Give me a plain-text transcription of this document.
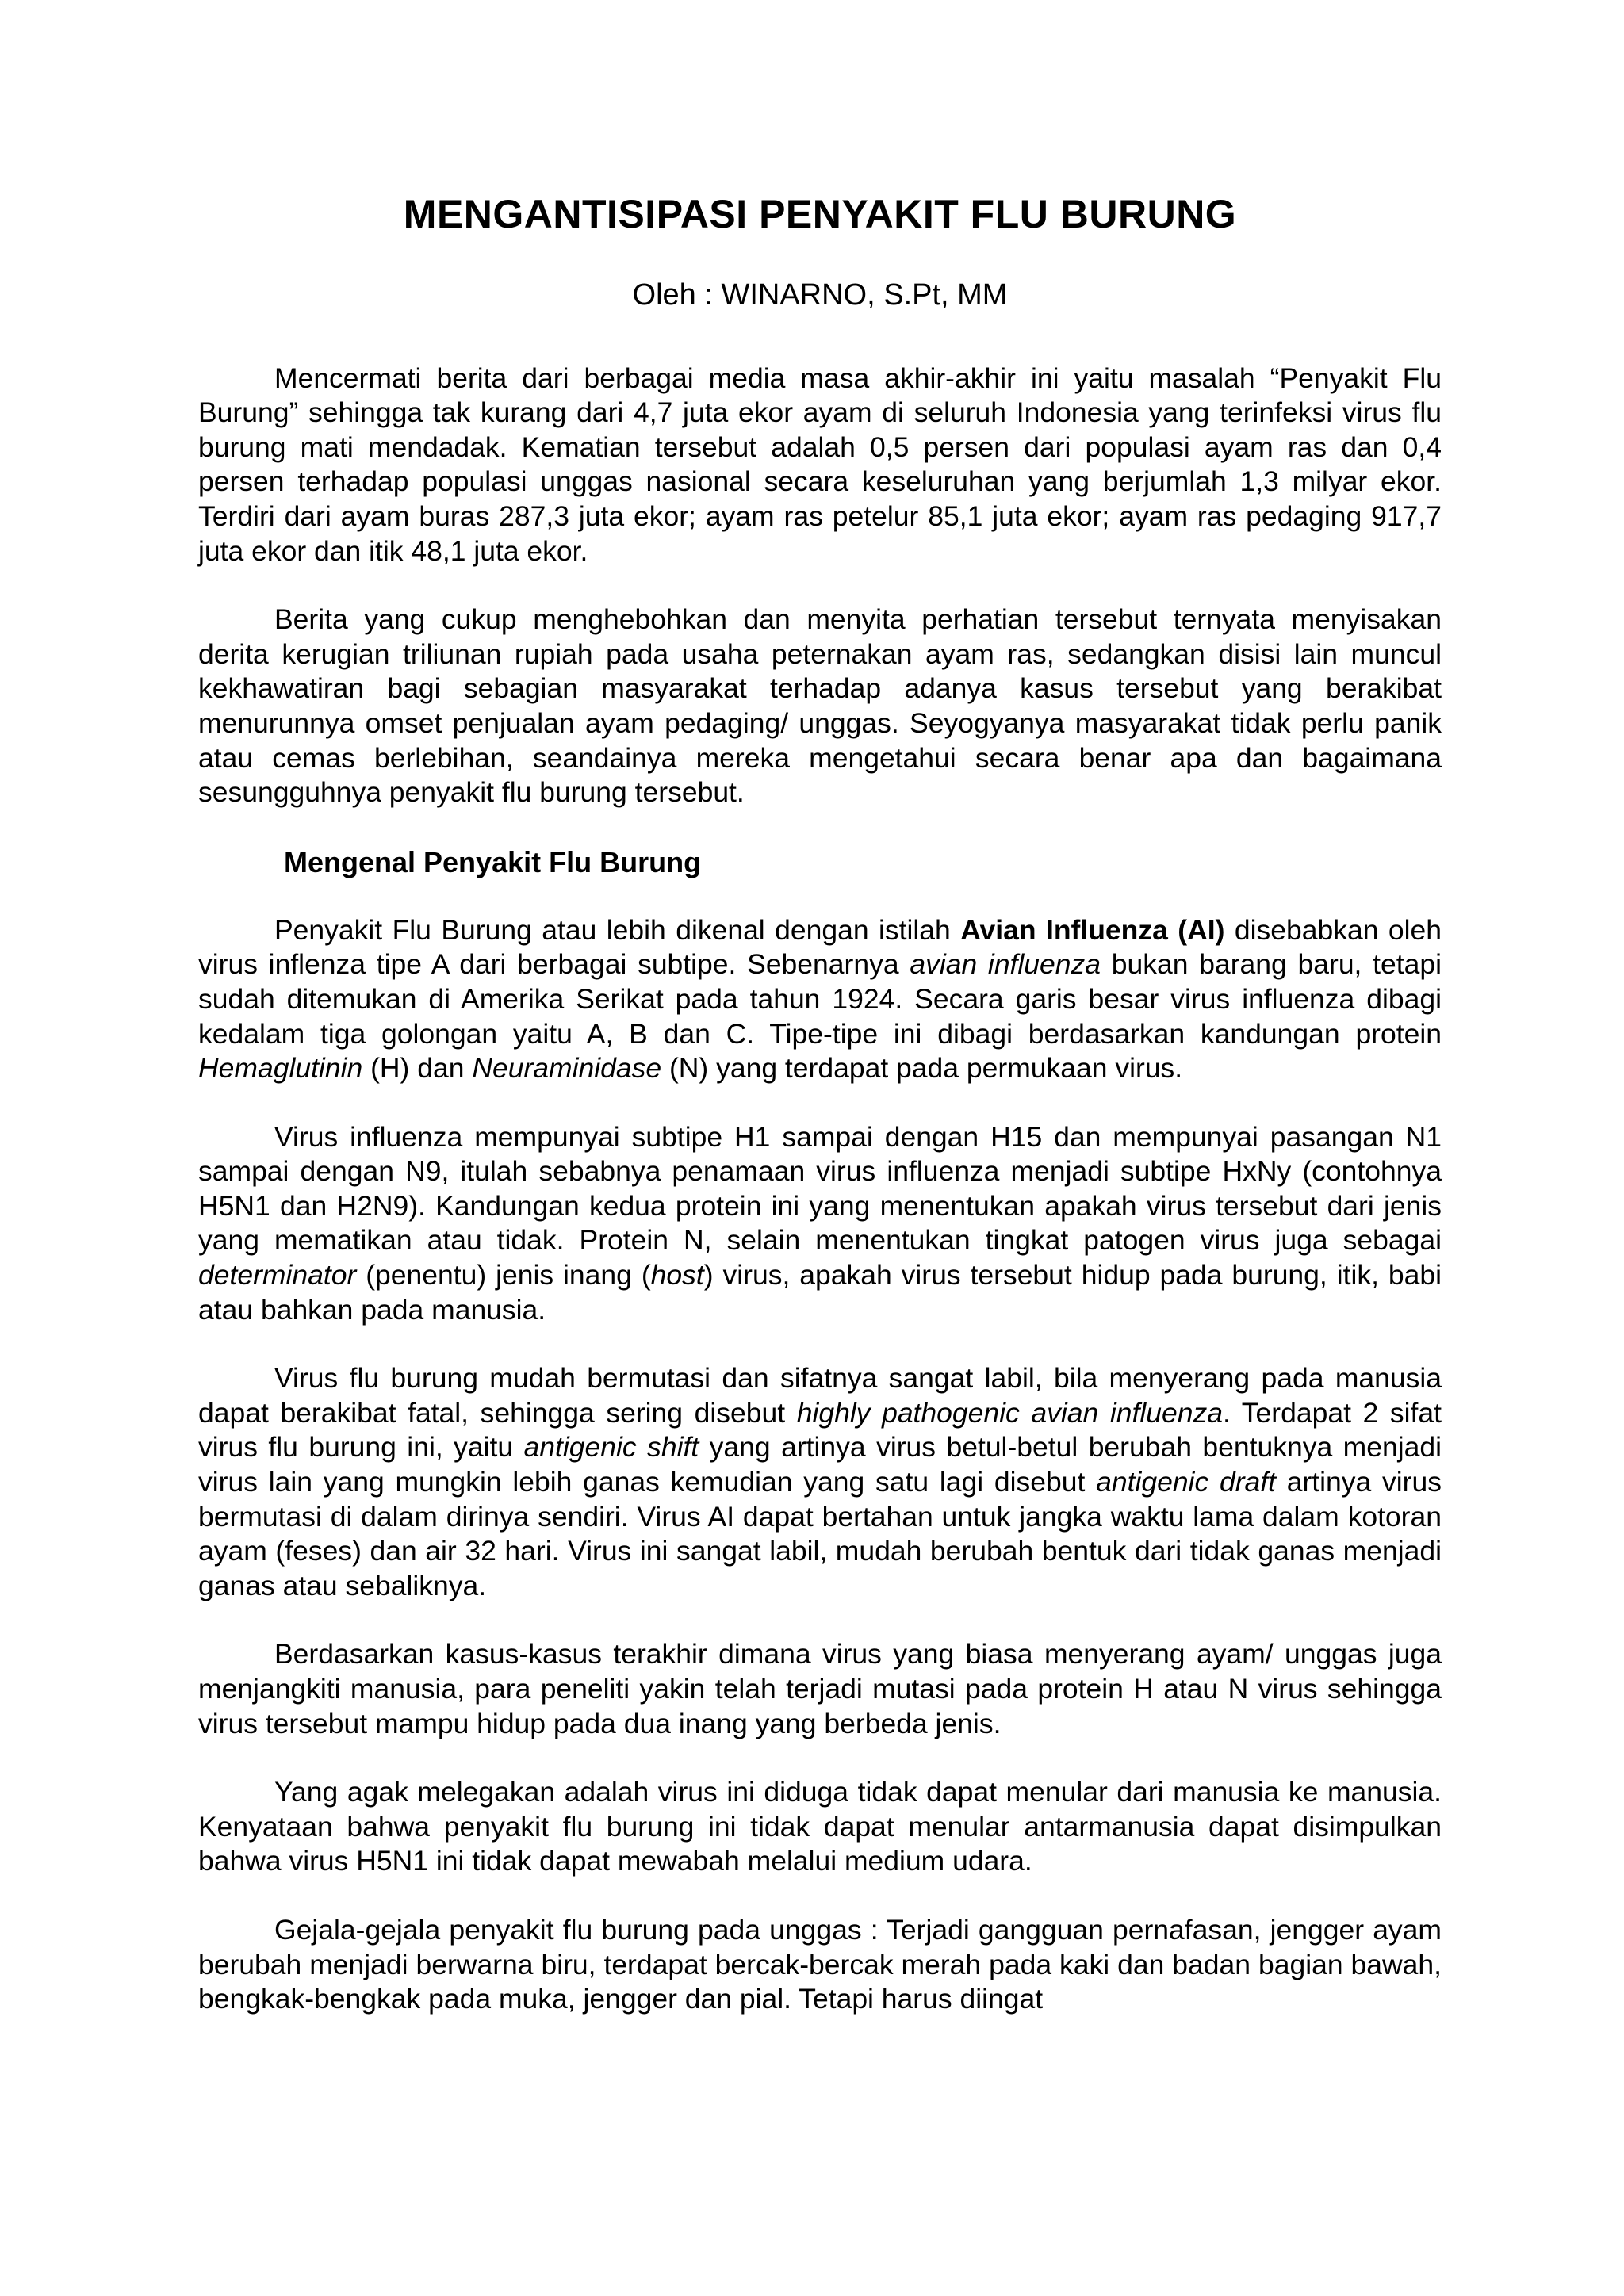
MENGANTISIPASI PENYAKIT FLU BURUNG

Oleh : WINARNO, S.Pt, MM

Mencermati berita dari berbagai media masa akhir-akhir ini yaitu masalah “Penyakit Flu Burung” sehingga tak kurang dari 4,7 juta ekor ayam di seluruh Indonesia yang terinfeksi virus flu burung mati mendadak. Kematian tersebut adalah 0,5 persen dari populasi ayam ras dan 0,4 persen terhadap populasi unggas nasional secara keseluruhan yang berjumlah 1,3 milyar ekor. Terdiri dari ayam buras 287,3 juta ekor; ayam ras petelur 85,1 juta ekor; ayam ras pedaging 917,7 juta ekor dan itik 48,1 juta ekor.

Berita yang cukup menghebohkan dan menyita perhatian tersebut ternyata menyisakan derita kerugian triliunan rupiah pada usaha peternakan ayam ras, sedangkan disisi lain muncul kekhawatiran bagi sebagian masyarakat terhadap adanya kasus tersebut yang berakibat menurunnya omset penjualan ayam pedaging/ unggas. Seyogyanya masyarakat tidak perlu panik atau cemas berlebihan, seandainya mereka mengetahui secara benar apa dan bagaimana sesungguhnya penyakit flu burung tersebut.

Mengenal Penyakit Flu Burung

Penyakit Flu Burung atau lebih dikenal dengan istilah Avian Influenza (AI) disebabkan oleh virus inflenza tipe A dari berbagai subtipe. Sebenarnya avian influenza bukan barang baru, tetapi sudah ditemukan di Amerika Serikat pada tahun 1924. Secara garis besar virus influenza dibagi kedalam tiga golongan yaitu A, B dan C. Tipe-tipe ini dibagi berdasarkan kandungan protein Hemaglutinin (H) dan Neuraminidase (N) yang terdapat pada permukaan virus.

Virus influenza mempunyai subtipe H1 sampai dengan H15 dan mempunyai pasangan N1 sampai dengan N9, itulah sebabnya penamaan virus influenza menjadi subtipe HxNy (contohnya H5N1 dan H2N9). Kandungan kedua protein ini yang menentukan apakah virus tersebut dari jenis yang mematikan atau tidak. Protein N, selain menentukan tingkat patogen virus juga sebagai determinator (penentu) jenis inang (host) virus, apakah virus tersebut hidup pada burung, itik, babi atau bahkan pada manusia.

Virus flu burung mudah bermutasi dan sifatnya sangat labil, bila menyerang pada manusia dapat berakibat fatal, sehingga sering disebut highly pathogenic avian influenza. Terdapat 2 sifat virus flu burung ini, yaitu antigenic shift yang artinya virus betul-betul berubah bentuknya menjadi virus lain yang mungkin lebih ganas kemudian yang satu lagi disebut antigenic draft artinya virus bermutasi di dalam dirinya sendiri. Virus AI dapat bertahan untuk jangka waktu lama dalam kotoran ayam (feses) dan air 32 hari. Virus ini sangat labil, mudah berubah bentuk dari tidak ganas menjadi ganas atau sebaliknya.

Berdasarkan kasus-kasus terakhir dimana virus yang biasa menyerang ayam/ unggas juga menjangkiti manusia, para peneliti yakin telah terjadi mutasi pada protein H atau N virus sehingga virus tersebut mampu hidup pada dua inang yang berbeda jenis.

Yang agak melegakan adalah virus ini diduga tidak dapat menular dari manusia ke manusia. Kenyataan bahwa penyakit flu burung ini tidak dapat menular antarmanusia dapat disimpulkan bahwa virus H5N1 ini tidak dapat mewabah melalui medium udara.

Gejala-gejala penyakit flu burung pada unggas : Terjadi gangguan pernafasan, jengger ayam berubah menjadi berwarna biru, terdapat bercak-bercak merah pada kaki dan badan bagian bawah, bengkak-bengkak pada muka, jengger dan pial. Tetapi harus diingat
